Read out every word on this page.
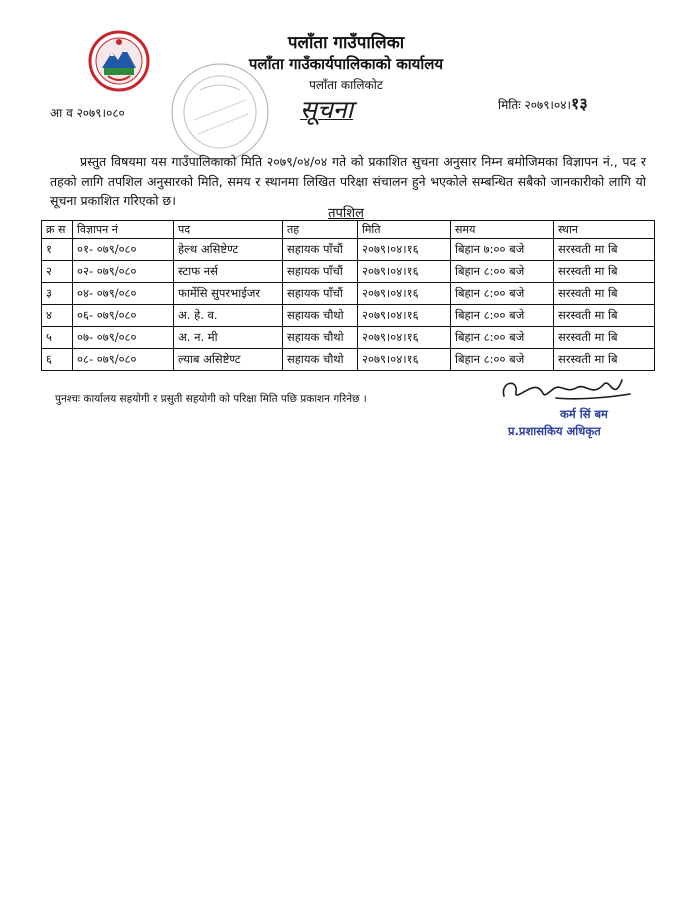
पलाँता गाउँपालिका
पलाँता गाउँकार्यपालिकाको कार्यालय
पलाँता कालिकोट
आ व २०७९।०८०
मितिः २०७९।०४।१३
सूचना
प्रस्तुत विषयमा यस गाउँपालिकाको मिति २०७९/०४/०४ गते को प्रकाशित सुचना अनुसार निम्न बमोजिमका विज्ञापन नं., पद र तहको लागि तपशिल अनुसारको मिति, समय र स्थानमा लिखित परिक्षा संचालन हुने भएकोले सम्बन्धित सबैको जानकारीको लागि यो सूचना प्रकाशित गरिएको छ।
तपशिल
क्र स	विज्ञापन नं	पद	तह	मिति	समय	स्थान
१	०१- ०७९/०८०	हेल्थ असिष्टेण्ट	सहायक पाँचौं	२०७९।०४।१६	बिहान ७:०० बजे	सरस्वती मा बि
२	०२- ०७९/०८०	स्टाफ नर्स	सहायक पाँचौं	२०७९।०४।१६	बिहान ८:०० बजे	सरस्वती मा बि
३	०४- ०७९/०८०	फार्मेसि सुपरभाईजर	सहायक पाँचौं	२०७९।०४।१६	बिहान ८:०० बजे	सरस्वती मा बि
४	०६- ०७९/०८०	अ. हे. व.	सहायक चौथो	२०७९।०४।१६	बिहान ८:०० बजे	सरस्वती मा बि
५	०७- ०७९/०८०	अ. न. मी	सहायक चौथो	२०७९।०४।१६	बिहान ८:०० बजे	सरस्वती मा बि
६	०८- ०७९/०८०	ल्याब असिष्टेण्ट	सहायक चौथो	२०७९।०४।१६	बिहान ८:०० बजे	सरस्वती मा बि
पुनश्चः कार्यालय सहयोगी र प्रसुती सहयोगी को परिक्षा मिति पछि प्रकाशन गरिनेछ ।
कर्म सिं बम
प्र.प्रशासकिय अधिकृत
